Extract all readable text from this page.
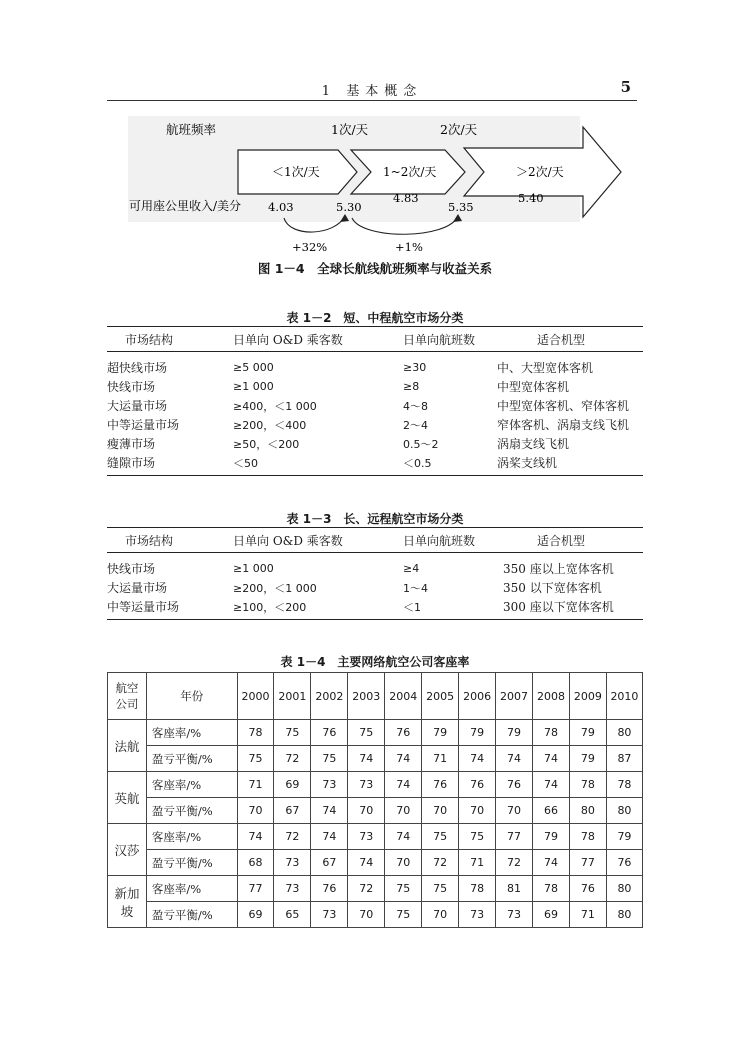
1 基本概念	5
航班频率	1次/天	2次/天
＜1次/天	1~2次/天	＞2次/天
可用座公里收入/美分 4.03	5.30
4.83
5.35
5.40
+32%	+1%
图 1－4　全球长航线航班频率与收益关系
表 1－2　短、中程航空市场分类
市场结构	日单向 O&D 乘客数	日单向航班数	适合机型
超快线市场	≥5 000	≥30	中、大型宽体客机
快线市场	≥1 000	≥8	中型宽体客机
大运量市场	≥400，＜1 000	4～8	中型宽体客机、窄体客机
中等运量市场	≥200，＜400	2～4	窄体客机、涡扇支线飞机
瘦薄市场	≥50，＜200	0.5～2	涡扇支线飞机
缝隙市场	＜50	＜0.5	涡桨支线机
表 1－3　长、远程航空市场分类
市场结构	日单向 O&D 乘客数	日单向航班数	适合机型
快线市场	≥1 000	≥4	350 座以上宽体客机
大运量市场	≥200，＜1 000	1～4	350 以下宽体客机
中等运量市场	≥100，＜200	＜1	300 座以下宽体客机
表 1－4　主要网络航空公司客座率
航空公司	年份	2000	2001	2002	2003	2004	2005	2006	2007	2008	2009	2010
法航	客座率/%	78	75	76	75	76	79	79	79	78	79	80
	盈亏平衡/%	75	72	75	74	74	71	74	74	74	79	87
英航	客座率/%	71	69	73	73	74	76	76	76	74	78	78
	盈亏平衡/%	70	67	74	70	70	70	70	70	66	80	80
汉莎	客座率/%	74	72	74	73	74	75	75	77	79	78	79
	盈亏平衡/%	68	73	67	74	70	72	71	72	74	77	76
新加坡	客座率/%	77	73	76	72	75	75	78	81	78	76	80
	盈亏平衡/%	69	65	73	70	75	70	73	73	69	71	80
